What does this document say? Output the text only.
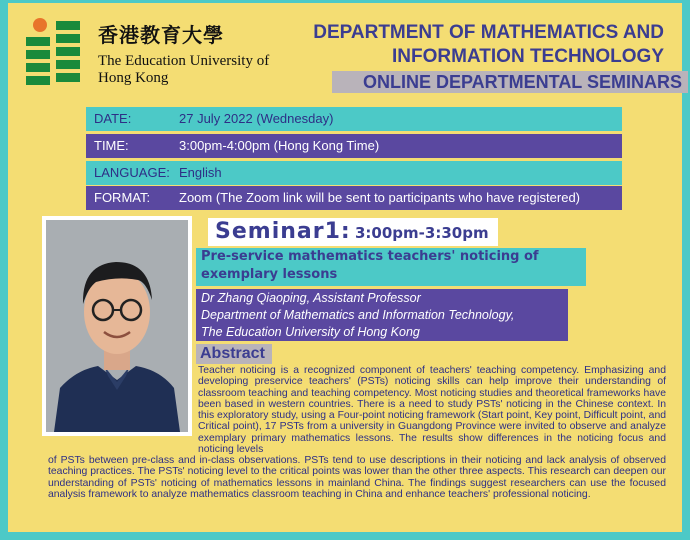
香港教育大學
The Education University of Hong Kong
DEPARTMENT OF MATHEMATICS AND
INFORMATION TECHNOLOGY
ONLINE DEPARTMENTAL SEMINARS
DATE:	27 July 2022 (Wednesday)
TIME:	3:00pm-4:00pm (Hong Kong Time)
LANGUAGE: English
FORMAT: Zoom (The Zoom link will be sent to participants who have registered)
Seminar1: 3:00pm-3:30pm
Pre-service mathematics teachers' noticing of
exemplary lessons
Dr Zhang Qiaoping, Assistant Professor
Department of Mathematics and Information Technology,
The Education University of Hong Kong
Abstract
Teacher noticing is a recognized component of teachers' teaching competency. Emphasizing and developing preservice teachers' (PSTs) noticing skills can help improve their understanding of classroom teaching and teaching competency. Most noticing studies and theoretical frameworks have been based in western countries. There is a need to study PSTs' noticing in the Chinese context. In this exploratory study, using a Four-point noticing framework (Start point, Key point, Difficult point, and Critical point), 17 PSTs from a university in Guangdong Province were invited to observe and analyze exemplary primary mathematics lessons. The results show differences in the noticing focus and noticing levels
of PSTs between pre-class and in-class observations. PSTs tend to use descriptions in their noticing and lack analysis of observed teaching practices. The PSTs' noticing level to the critical points was lower than the other three aspects. This research can deepen our understanding of PSTs' noticing of mathematics lessons in mainland China. The findings suggest researchers can use the focused analysis framework to analyze mathematics classroom teaching in China and enhance teachers' professional noticing.
